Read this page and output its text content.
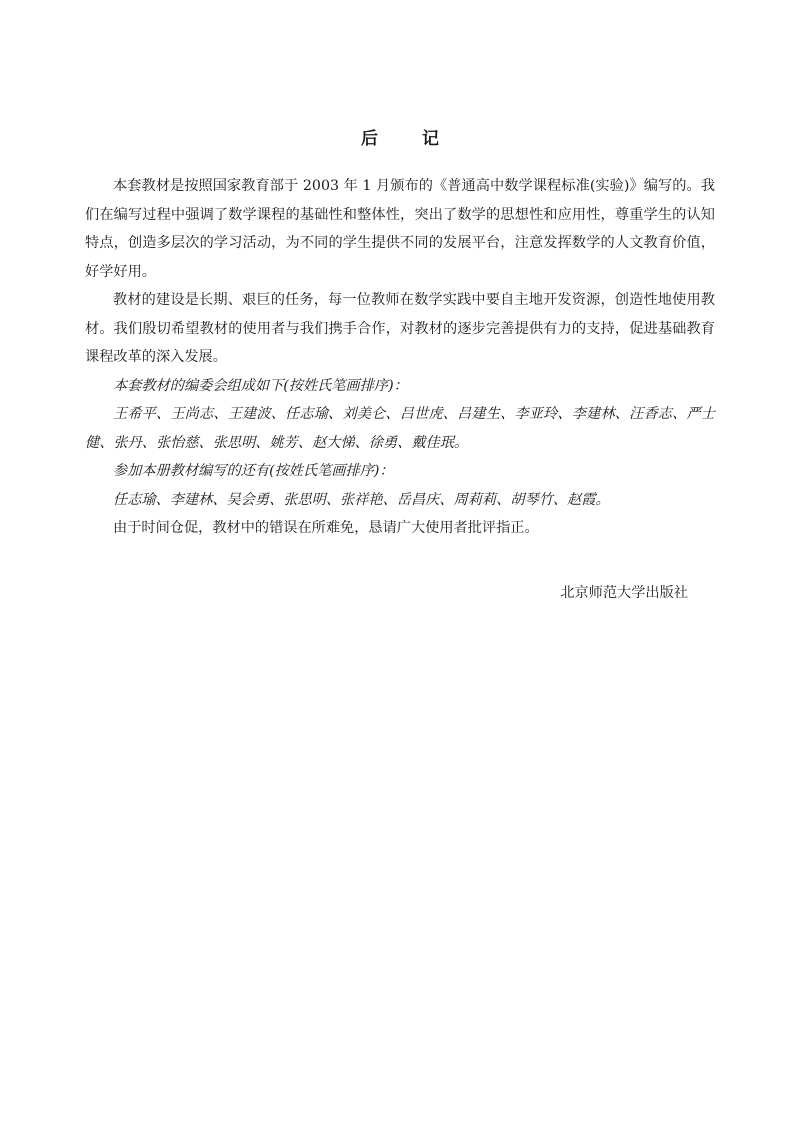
后	记

本套教材是按照国家教育部于 2003 年 1 月颁布的《普通高中数学课程标准(实验)》编写的。我们在编写过程中强调了数学课程的基础性和整体性，突出了数学的思想性和应用性，尊重学生的认知特点，创造多层次的学习活动，为不同的学生提供不同的发展平台，注意发挥数学的人文教育价值，好学好用。

教材的建设是长期、艰巨的任务，每一位教师在数学实践中要自主地开发资源，创造性地使用教材。我们殷切希望教材的使用者与我们携手合作，对教材的逐步完善提供有力的支持，促进基础教育课程改革的深入发展。

本套教材的编委会组成如下(按姓氏笔画排序)：

王希平、王尚志、王建波、任志瑜、刘美仑、吕世虎、吕建生、李亚玲、李建林、汪香志、严士健、张丹、张怡慈、张思明、姚芳、赵大悌、徐勇、戴佳珉。

参加本册教材编写的还有(按姓氏笔画排序)：

任志瑜、李建林、吴会勇、张思明、张祥艳、岳昌庆、周莉莉、胡琴竹、赵霞。

由于时间仓促，教材中的错误在所难免，恳请广大使用者批评指正。

北京师范大学出版社
